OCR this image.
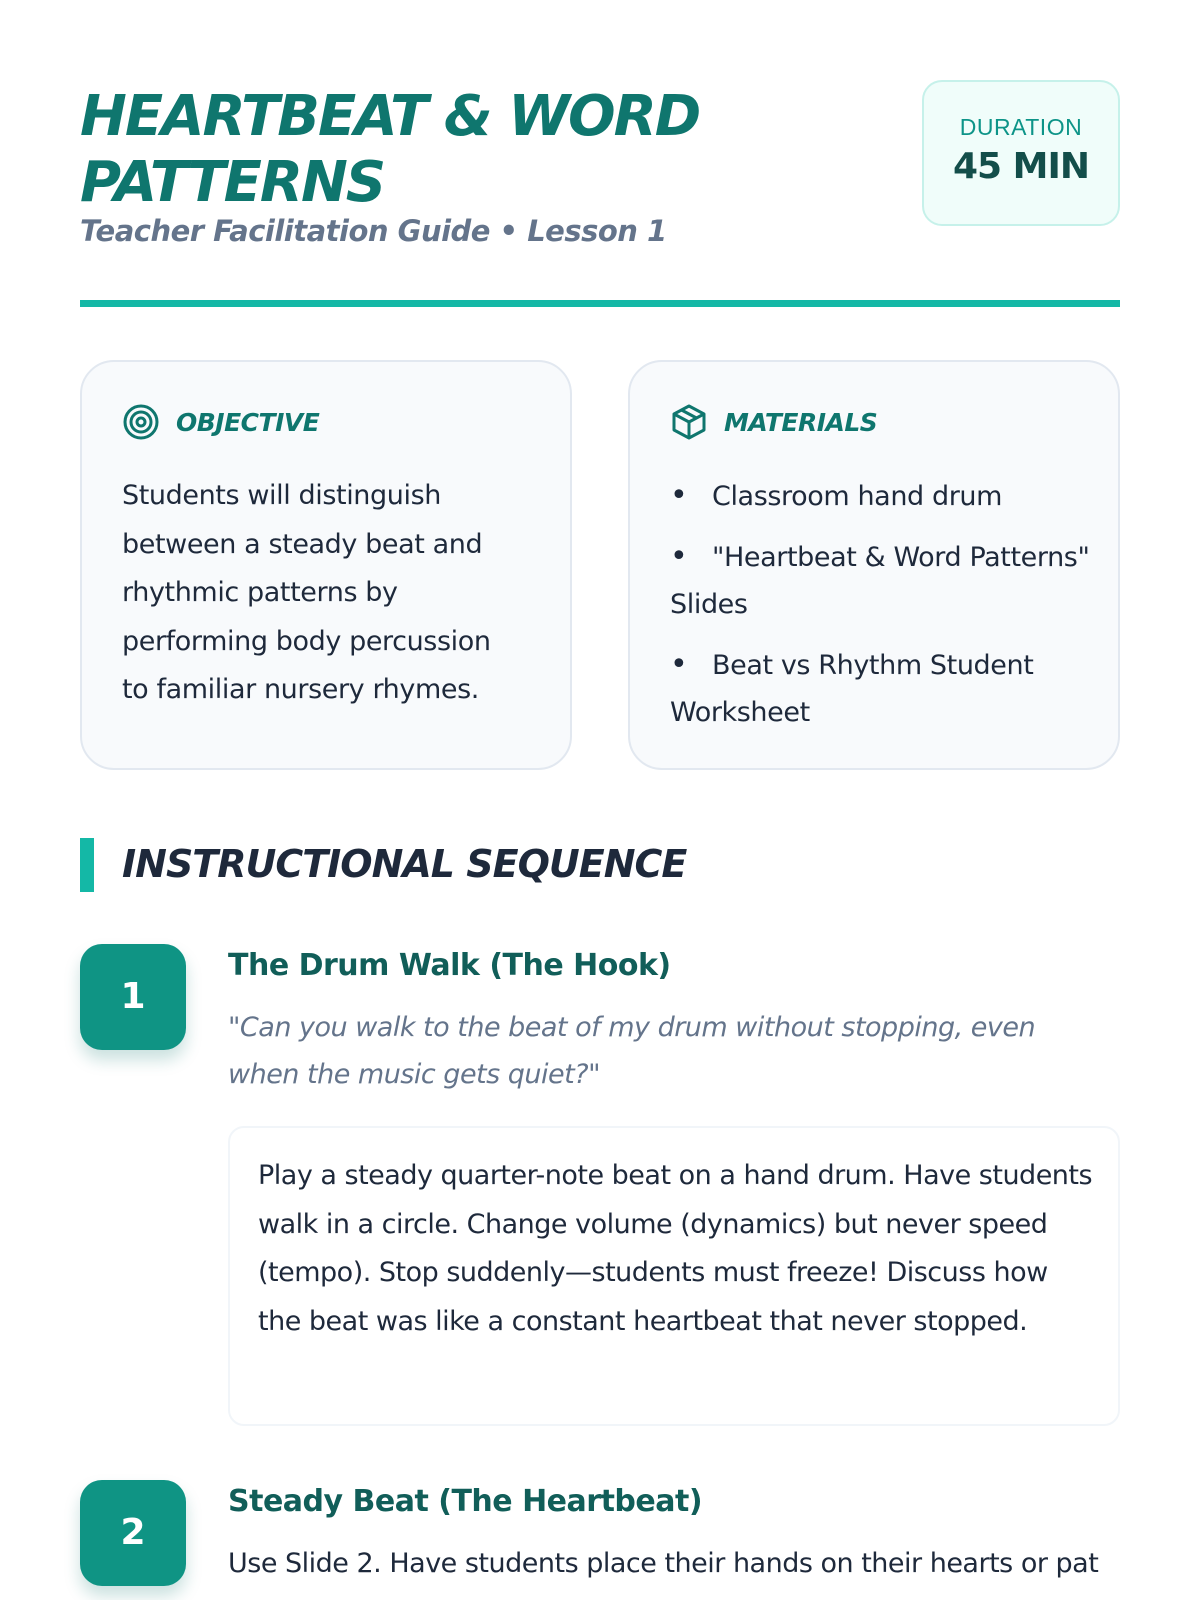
HEARTBEAT & WORD PATTERNS
Teacher Facilitation Guide • Lesson 1
DURATION
45 MIN
OBJECTIVE

Students will distinguish between a steady beat and rhythmic patterns by performing body percussion to familiar nursery rhymes.

MATERIALS
• Classroom hand drum
• "Heartbeat & Word Patterns" Slides
• Beat vs Rhythm Student Worksheet
INSTRUCTIONAL SEQUENCE
1
The Drum Walk (The Hook)

"Can you walk to the beat of my drum without stopping, even when the music gets quiet?"

Play a steady quarter-note beat on a hand drum. Have students walk in a circle. Change volume (dynamics) but never speed (tempo). Stop suddenly—students must freeze! Discuss how the beat was like a constant heartbeat that never stopped.

2
Steady Beat (The Heartbeat)

Use Slide 2. Have students place their hands on their hearts or pat
